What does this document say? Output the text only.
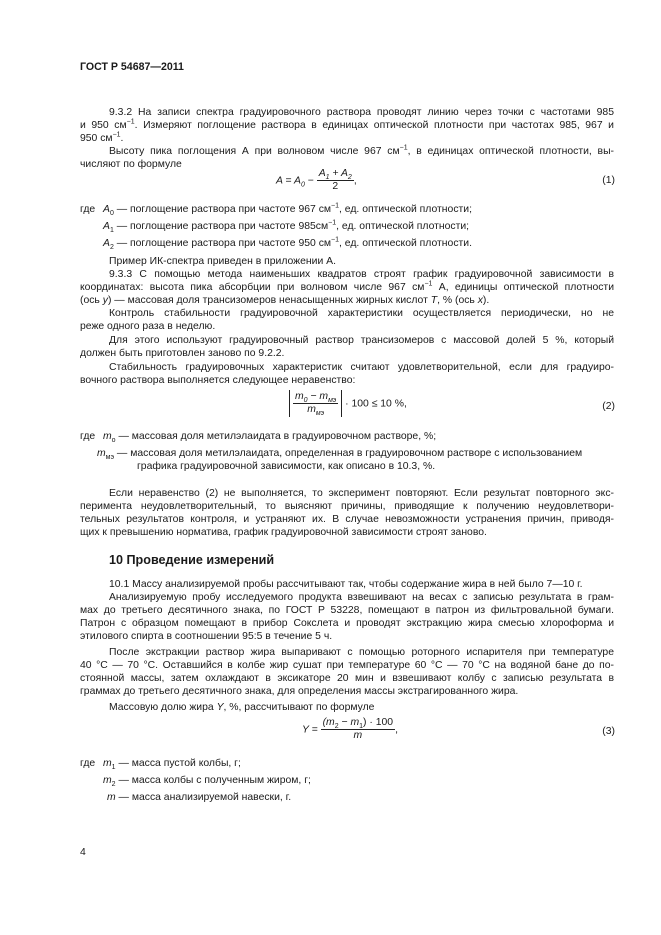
ГОСТ Р 54687—2011
9.3.2 На записи спектра градуировочного раствора проводят линию через точки с частотами 985
и 950 $см^{-1}$. Измеряют поглощение раствора в единицах оптической плотности при частотах 985, 967 и
950 $см^{-1}$.
Высоту пика поглощения А при волновом числе 967 $см^{-1}$, в единицах оптической плотности, вы-
числяют по формуле
$A = A_0 - \frac{A_1 + A_2}{2}$ ,	(1)
где $A_0$ — поглощение раствора при частоте 967 $см^{-1}$, ед. оптической плотности;
$A_1$ — поглощение раствора при частоте $985см^{-1}$, ед. оптической плотности;
$A_2$ — поглощение раствора при частоте 950 $см^{-1}$, ед. оптической плотности.
Пример ИК-спектра приведен в приложении А.
9.3.3 С помощью метода наименьших квадратов строят график градуировочной зависимости в
координатах: высота пика абсорбции при волновом числе 967 $см^{-1}$ A, единицы оптической плотности
(ось y) — массовая доля трансизомеров ненасыщенных жирных кислот T, % (ось x).
Контроль стабильности градуировочной характеристики осуществляется периодически, но не
реже одного раза в неделю.
Для этого используют градуировочный раствор трансизомеров с массовой долей 5 %, который
должен быть приготовлен заново по 9.2.2.
Стабильность градуировочных характеристик считают удовлетворительной, если для градуиро-
вочного раствора выполняется следующее неравенство:
$\frac{m_0 - m_{мэ}}{m_{мэ}} \cdot 100 \le 10$ %,	(2)
где $m_о$ — массовая доля метилэлаидата в градуировочном растворе, %;
$m_{мэ}$ — массовая доля метилэлаидата, определенная в градуировочном растворе с использованием
графика градуировочной зависимости, как описано в 10.3, %.
Если неравенство (2) не выполняется, то эксперимент повторяют. Если результат повторного экс-
перимента неудовлетворительный, то выясняют причины, приводящие к получению неудовлетвори-
тельных результатов контроля, и устраняют их. В случае невозможности устранения причин, приводя-
щих к превышению норматива, график градуировочной зависимости строят заново.
10 Проведение измерений
10.1 Массу анализируемой пробы рассчитывают так, чтобы содержание жира в ней было 7—10 г.
Анализируемую пробу исследуемого продукта взвешивают на весах с записью результата в грам-
мах до третьего десятичного знака, по ГОСТ Р 53228, помещают в патрон из фильтровальной бумаги.
Патрон с образцом помещают в прибор Сокслета и проводят экстракцию жира смесью хлороформа и
этилового спирта в соотношении 95:5 в течение 5 ч.
После экстракции раствор жира выпаривают с помощью роторного испарителя при температуре
40 °С — 70 °С. Оставшийся в колбе жир сушат при температуре 60 °С — 70 °С на водяной бане до по-
стоянной массы, затем охлаждают в эксикаторе 20 мин и взвешивают колбу с записью результата в
граммах до третьего десятичного знака, для определения массы экстрагированного жира.
Массовую долю жира Y, %, рассчитывают по формуле
$Y = \frac{(m_2 - m_1) \cdot 100}{m}$ ,	(3)
где $m_1$ — масса пустой колбы, г;
$m_2$ — масса колбы с полученным жиром, г;
m — масса анализируемой навески, г.
4
